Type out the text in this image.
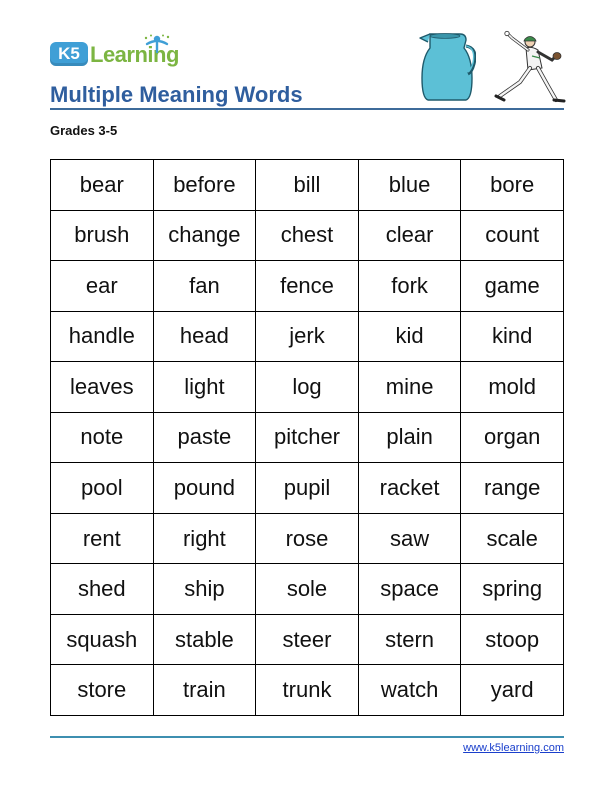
K5 Learning
Multiple Meaning Words
Grades 3-5
bear	before	bill	blue	bore
brush	change	chest	clear	count
ear	fan	fence	fork	game
handle	head	jerk	kid	kind
leaves	light	log	mine	mold
note	paste	pitcher	plain	organ
pool	pound	pupil	racket	range
rent	right	rose	saw	scale
shed	ship	sole	space	spring
squash	stable	steer	stern	stoop
store	train	trunk	watch	yard
www.k5learning.com
